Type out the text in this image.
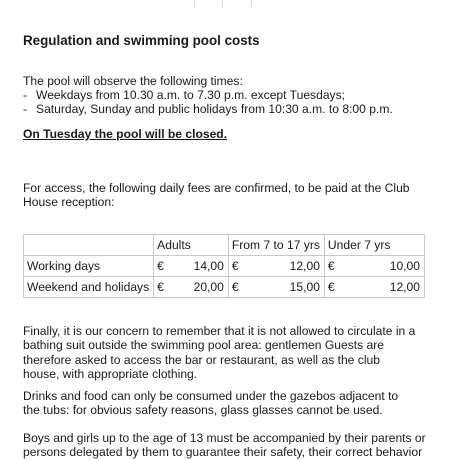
Regulation and swimming pool costs

The pool will observe the following times:

- Weekdays from 10.30 a.m. to 7.30 p.m. except Tuesdays;
- Saturday, Sunday and public holidays from 10:30 a.m. to 8:00 p.m.

On Tuesday the pool will be closed.

For access, the following daily fees are confirmed, to be paid at the Club House reception:

	Adults	From 7 to 17 yrs	Under 7 yrs
Working days	€ 14,00	€ 12,00	€ 10,00

Weekend and holidays	€ 20,00	€ 15,00	€ 12,00

Finally, it is our concern to remember that it is not allowed to circulate in a bathing suit outside the swimming pool area: gentlemen Guests are therefore asked to access the bar or restaurant, as well as the club house, with appropriate clothing.

Drinks and food can only be consumed under the gazebos adjacent to the tubs: for obvious safety reasons, glass glasses cannot be used.

Boys and girls up to the age of 13 must be accompanied by their parents or persons delegated by them to guarantee their safety, their correct behavior
